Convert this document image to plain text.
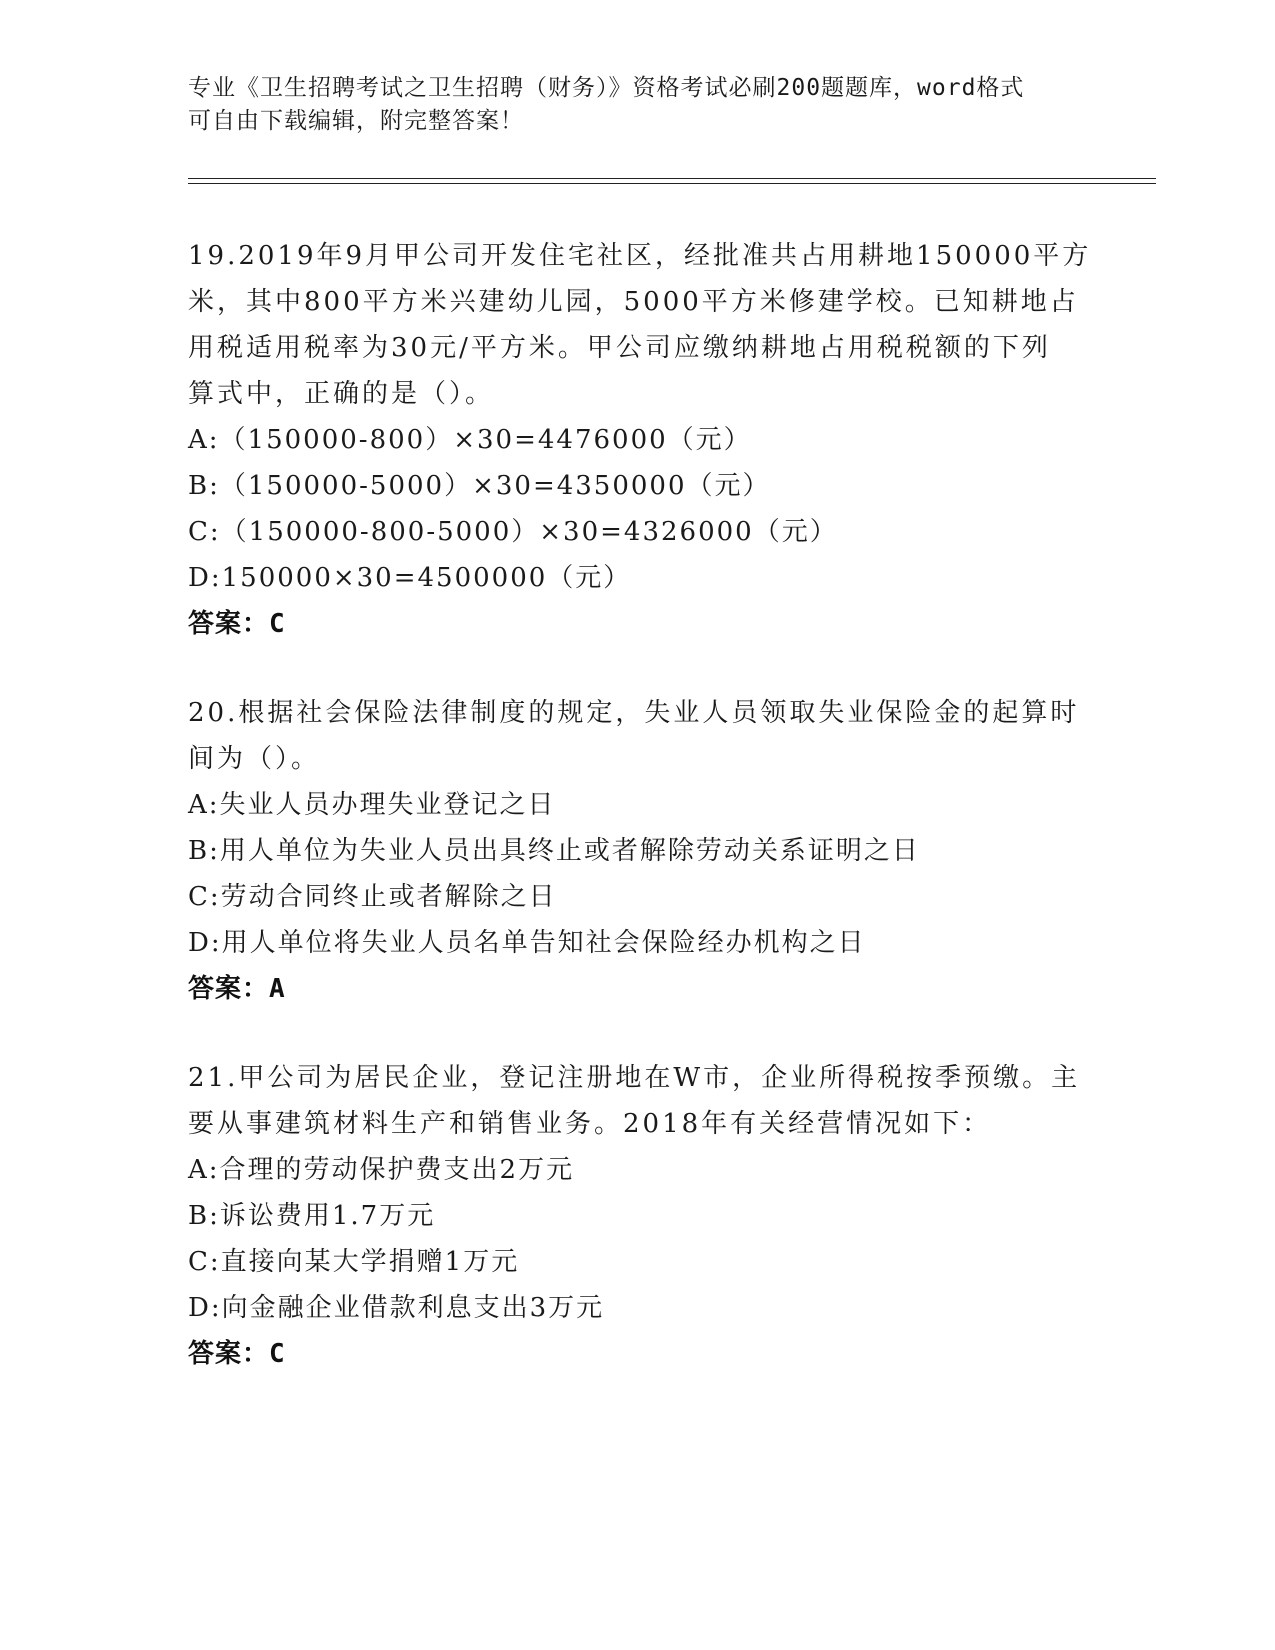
专业《卫生招聘考试之卫生招聘（财务）》资格考试必刷200题题库，word格式
可自由下载编辑，附完整答案！
19.2019年9月甲公司开发住宅社区，经批准共占用耕地150000平方
米，其中800平方米兴建幼儿园，5000平方米修建学校。已知耕地占
用税适用税率为30元/平方米。甲公司应缴纳耕地占用税税额的下列
算式中，正确的是（）。
A:（150000-800）×30=4476000（元）
B:（150000-5000）×30=4350000（元）
C:（150000-800-5000）×30=4326000（元）
D:150000×30=4500000（元）
答案：C
20.根据社会保险法律制度的规定，失业人员领取失业保险金的起算时
间为（）。
A:失业人员办理失业登记之日
B:用人单位为失业人员出具终止或者解除劳动关系证明之日
C:劳动合同终止或者解除之日
D:用人单位将失业人员名单告知社会保险经办机构之日
答案：A
21.甲公司为居民企业，登记注册地在W市，企业所得税按季预缴。主
要从事建筑材料生产和销售业务。2018年有关经营情况如下：
A:合理的劳动保护费支出2万元
B:诉讼费用1.7万元
C:直接向某大学捐赠1万元
D:向金融企业借款利息支出3万元
答案：C
